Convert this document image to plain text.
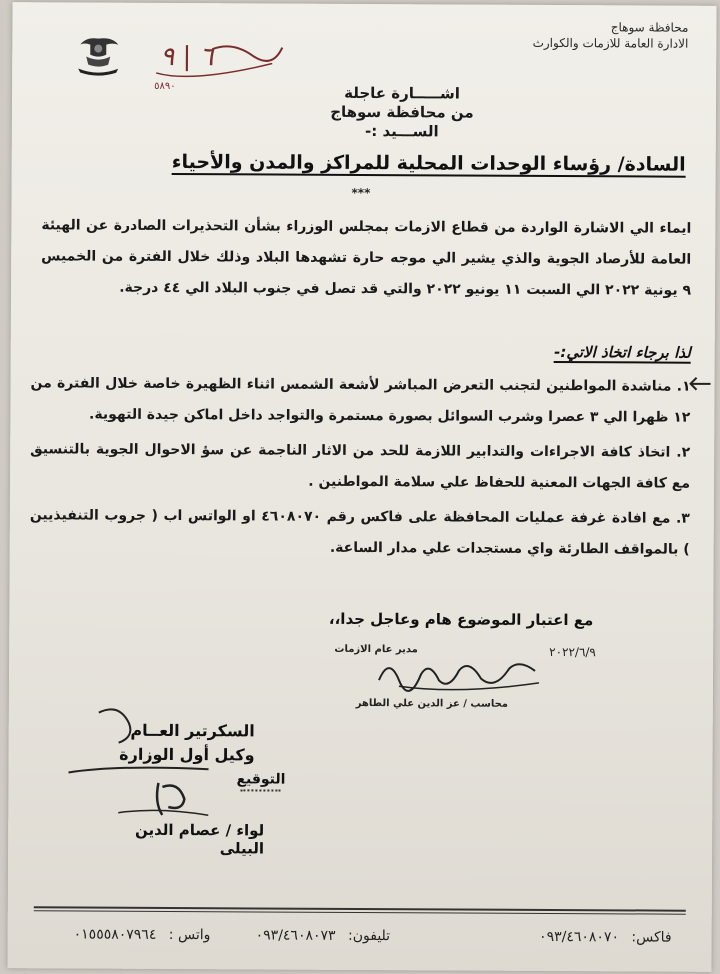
محافظة سوهاج
الادارة العامة للازمات والكوارث
٦ | ٩
٥٨٩٠	اشـــــارة عاجلة
من محافظة سوهاج
الســـيد :-
السادة/ رؤساء الوحدات المحلية للمراكز والمدن والأحياء
***
ايماء الي الاشارة الواردة من قطاع الازمات بمجلس الوزراء بشأن التحذيرات الصادرة عن الهيئة العامة للأرصاد الجوية والذي يشير الي موجه حارة تشهدها البلاد وذلك خلال الفترة من الخميس ٩ يونية ٢٠٢٢ الي السبت ١١ يونيو ٢٠٢٢ والتي قد تصل في جنوب البلاد الي ٤٤ درجة.
لذا برجاء اتخاذ الاتي:-
١. مناشدة المواطنين لتجنب التعرض المباشر لأشعة الشمس اثناء الظهيرة خاصة خلال الفترة من ١٢ ظهرا الي ٣ عصرا وشرب السوائل بصورة مستمرة والتواجد داخل اماكن جيدة التهوية.
٢. اتخاذ كافة الاجراءات والتدابير اللازمة للحد من الاثار الناجمة عن سؤ الاحوال الجوية بالتنسيق مع كافة الجهات المعنية للحفاظ علي سلامة المواطنين .
٣. مع افادة غرفة عمليات المحافظة على فاكس رقم ٤٦٠٨٠٧٠ او الواتس اب ( جروب التنفيذيين ) بالمواقف الطارئة واي مستجدات علي مدار الساعة.
مع اعتبار الموضوع هام وعاجل جدا،،
مدير عام الازمات	٢٠٢٢/٦/٩
محاسب / عز الدين علي الطاهر
السكرتير العــام
وكيل أول الوزارة
التوقيع
لواء / عصام الدين البيلى
فاكس: ٠٩٣/٤٦٠٨٠٧٠
تليفون: ٠٩٣/٤٦٠٨٠٧٣
واتس : ٠١٥٥٥٨٠٧٩٦٤
